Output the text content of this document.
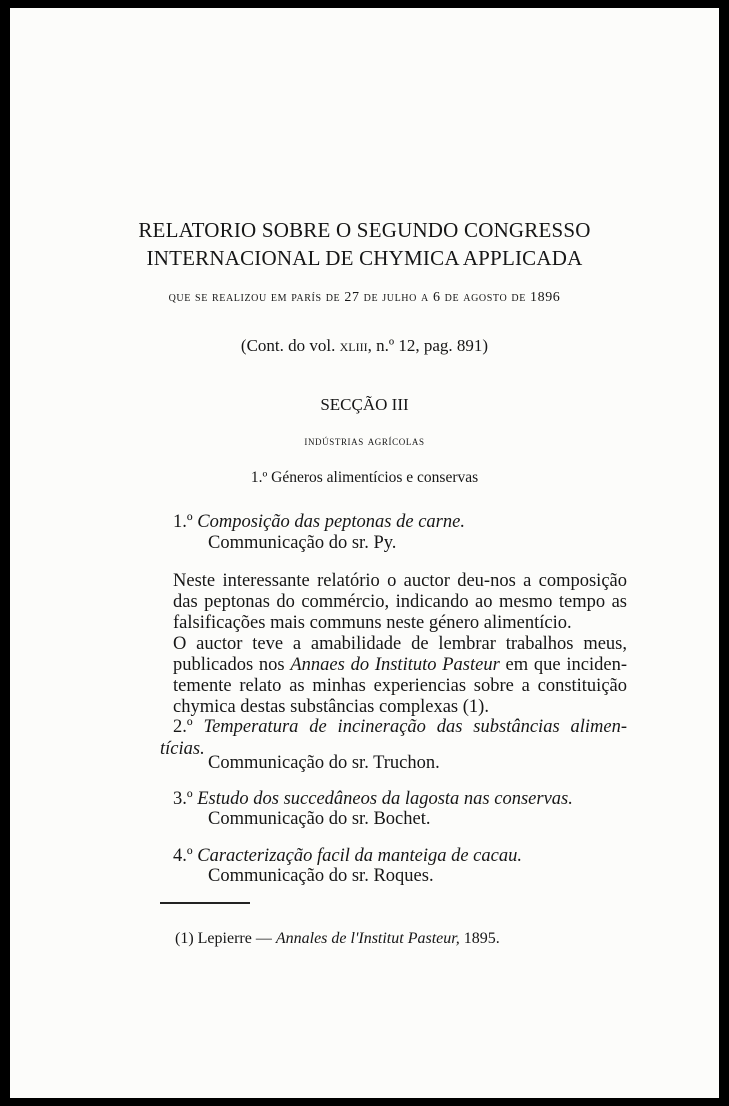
RELATORIO SOBRE O SEGUNDO CONGRESSO
INTERNACIONAL DE CHYMICA APPLICADA
que se realizou em parís de 27 de julho a 6 de agosto de 1896
(Cont. do vol. xliii, n.º 12, pag. 891)
SECÇÃO III
indústrias agrícolas
1.º Géneros alimentícios e conservas
1.º Composição das peptonas de carne.
Communicação do sr. Py.
Neste interessante relatório o auctor deu-nos a composição
das peptonas do commércio, indicando ao mesmo tempo as
falsificações mais communs neste género alimentício.
O auctor teve a amabilidade de lembrar trabalhos meus,
publicados nos Annaes do Instituto Pasteur em que inciden-
temente relato as minhas experiencias sobre a constituição
chymica destas substâncias complexas (1).
2.º Temperatura de incineração das substâncias alimen-
tícias.
Communicação do sr. Truchon.
3.º Estudo dos succedâneos da lagosta nas conservas.
Communicação do sr. Bochet.
4.º Caracterização facil da manteiga de cacau.
Communicação do sr. Roques.
(1) Lepierre — Annales de l'Institut Pasteur, 1895.
